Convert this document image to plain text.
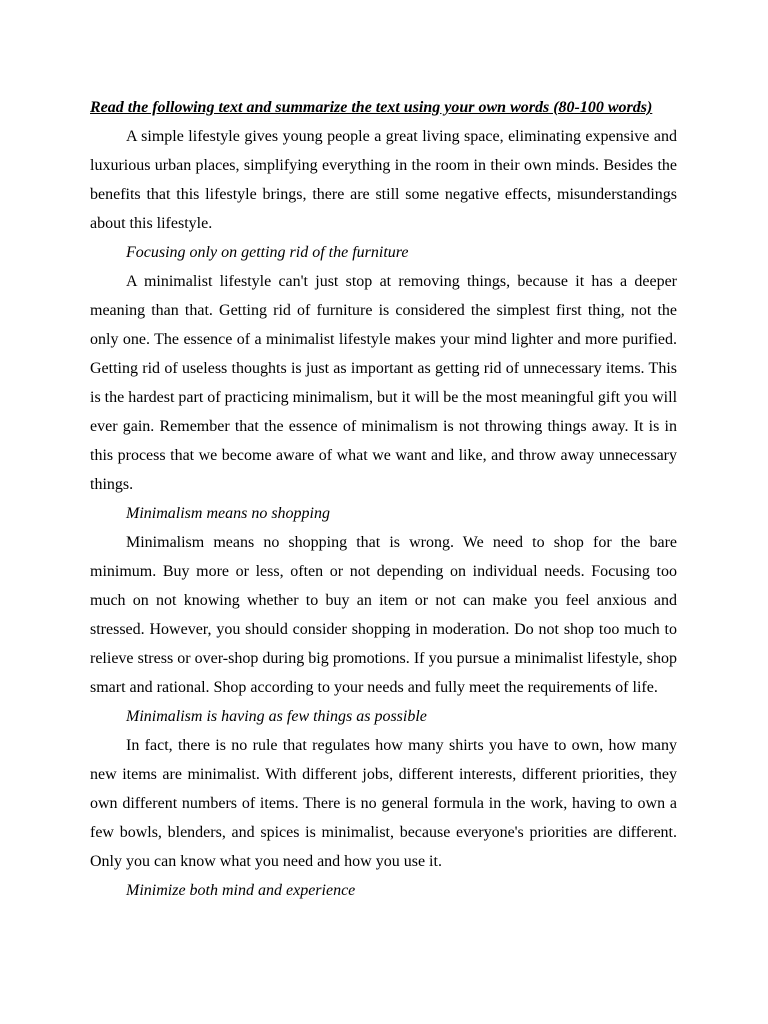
Read the following text and summarize the text using your own words (80-100 words)

A simple lifestyle gives young people a great living space, eliminating expensive and luxurious urban places, simplifying everything in the room in their own minds. Besides the benefits that this lifestyle brings, there are still some negative effects, misunderstandings about this lifestyle.

Focusing only on getting rid of the furniture

A minimalist lifestyle can't just stop at removing things, because it has a deeper meaning than that. Getting rid of furniture is considered the simplest first thing, not the only one. The essence of a minimalist lifestyle makes your mind lighter and more purified. Getting rid of useless thoughts is just as important as getting rid of unnecessary items. This is the hardest part of practicing minimalism, but it will be the most meaningful gift you will ever gain. Remember that the essence of minimalism is not throwing things away. It is in this process that we become aware of what we want and like, and throw away unnecessary things.

Minimalism means no shopping

Minimalism means no shopping that is wrong. We need to shop for the bare minimum. Buy more or less, often or not depending on individual needs. Focusing too much on not knowing whether to buy an item or not can make you feel anxious and stressed. However, you should consider shopping in moderation. Do not shop too much to relieve stress or over-shop during big promotions. If you pursue a minimalist lifestyle, shop smart and rational. Shop according to your needs and fully meet the requirements of life.

Minimalism is having as few things as possible

In fact, there is no rule that regulates how many shirts you have to own, how many new items are minimalist. With different jobs, different interests, different priorities, they own different numbers of items. There is no general formula in the work, having to own a few bowls, blenders, and spices is minimalist, because everyone's priorities are different. Only you can know what you need and how you use it.

Minimize both mind and experience
